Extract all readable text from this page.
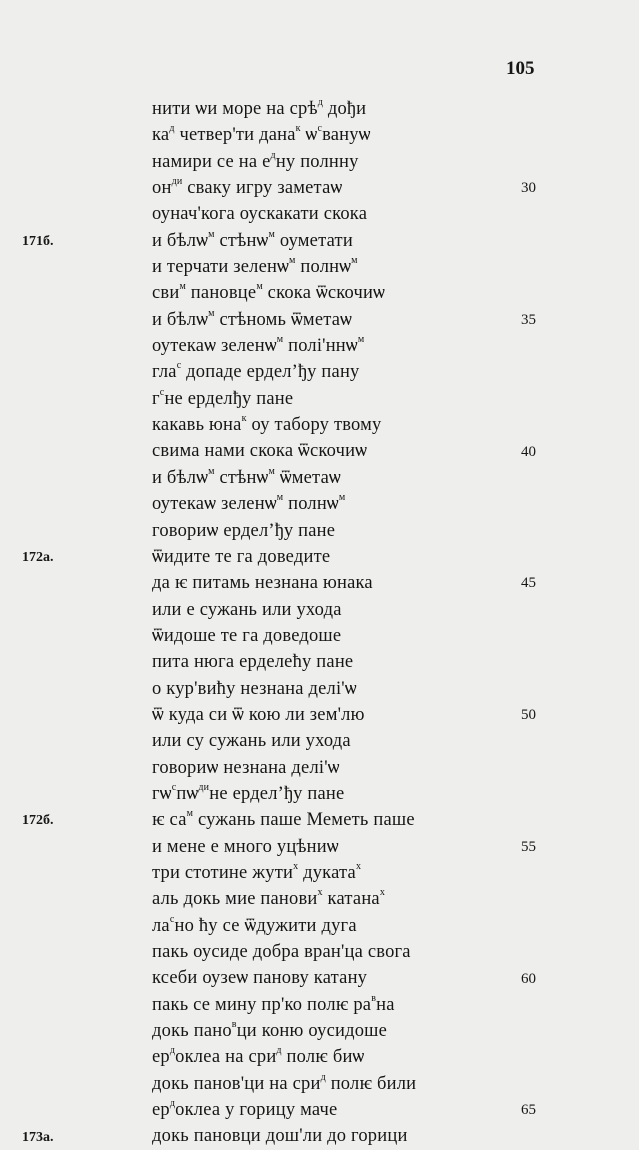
105
нити ѡи море на срѣ$^д$ дођи
$ка^д$ четвер'ти дана$^к$ $ѡ^сванyѡ$
намири се на $е^дну$ полнну
$он^{ди}$ сваку игру заметаѡ
оунач'кога оускакати скока
и бѣлѡ$^м$ стѣнѡ$^м$ оуметати
и терчати зеленѡ$^м$ полнѡ$^м$
сви$^м$ пановце$^м$ скока ѿскочиѡ
и бѣлѡ$^м$ стѣномь ѿметаѡ
оутекаѡ зеленѡ$^м$ полі'ннѡ$^м$
гла$^с$ допаде ерделʼђу пану
$г^сне$ ерделђу пане
какавь юна$^к$ оу табору твому
свима нами скока ѿскочиѡ
и бѣлѡ$^м$ стѣнѡ$^м$ ѿметаѡ
оутекаѡ зеленѡ$^м$ полнѡ$^м$
говориѡ ерделʼђу пане
ѿидите те га доведите
да ѥ питамь незнана юнака
или е сужань или ухода
ѿидоше те га доведоше
пита нюга ерделећу пане
о кур'вићу незнана делі'ѡ
ѿ куда си ѿ кою ли зем'лю
или су сужань или ухода
говориѡ незнана делі'ѡ
$гѡ^спѡ^{ди}не$ ерделʼђу пане
ѥ $са^м$ сужань паше Меметь паше
и мене е много уцѣниѡ
три стотине жути$^х$ дуката$^х$
аль докь мие панови$^х$ катана$^х$
$ла^сно$ ћу се ѿдужити дуга
пакь оусиде добра вран'ца свога
ксеби оузеѡ панову катану
пакь се мину пр'ко полѥ $ра^вна$
докь пано$^в$ци коню оусидоше
$ер^доклеа$ на сри$^д$ полѥ биѡ
докь панов'ци на сри$^д$ полѥ били
$ер^доклеа$ у горицу маче
докь пановци дош'ли до горици
171б.
172а.
172б.
173а.
30
35
40
45
50
55
60
65
